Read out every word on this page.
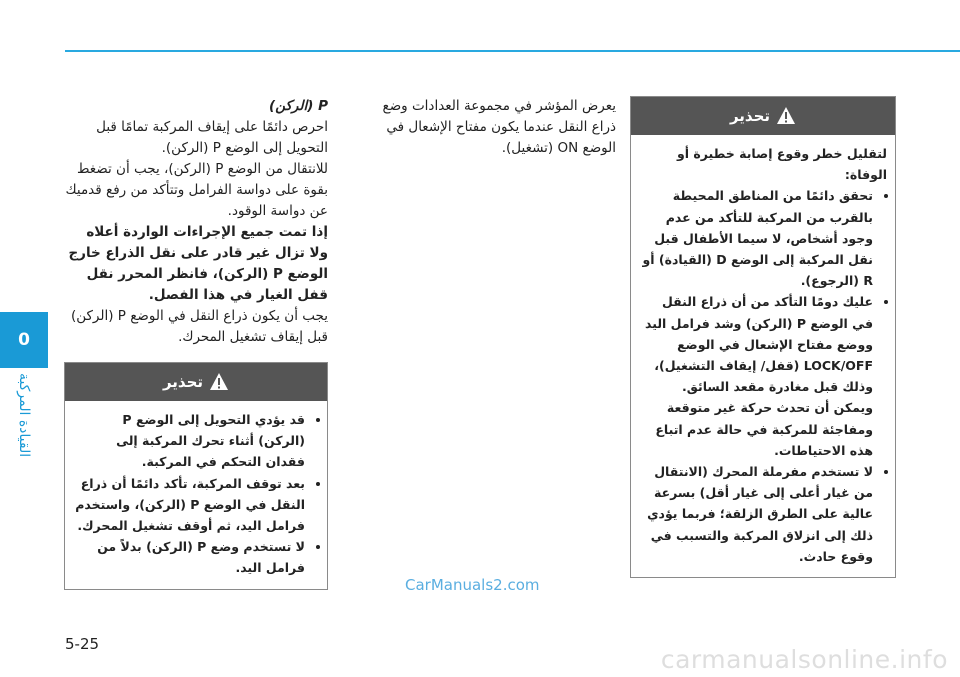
0
القيادة المركبة
تحذير

لتقليل خطر وقوع إصابة خطيرة أو الوفاة:

• تحقق دائمًا من المناطق المحيطة بالقرب من المركبة للتأكد من عدم وجود أشخاص، لا سيما الأطفال قبل نقل المركبة إلى الوضع D (القيادة) أو R (الرجوع).
• عليك دومًا التأكد من أن ذراع النقل في الوضع P (الركن) وشد فرامل اليد ووضع مفتاح الإشعال في الوضع LOCK/OFF (قفل/ إيقاف التشغيل)، وذلك قبل مغادرة مقعد السائق. ويمكن أن تحدث حركة غير متوقعة ومفاجئة للمركبة في حالة عدم اتباع هذه الاحتياطات.
• لا تستخدم مفرملة المحرك (الانتقال من غيار أعلى إلى غيار أقل) بسرعة عالية على الطرق الزلقة؛ فربما يؤدي ذلك إلى انزلاق المركبة والتسبب في وقوع حادث.

يعرض المؤشر في مجموعة العدادات وضع ذراع النقل عندما يكون مفتاح الإشعال في الوضع ON (تشغيل).

P (الركن)

احرص دائمًا على إيقاف المركبة تمامًا قبل التحويل إلى الوضع P (الركن).

للانتقال من الوضع P (الركن)، يجب أن تضغط بقوة على دواسة الفرامل وتتأكد من رفع قدميك عن دواسة الوقود.

إذا تمت جميع الإجراءات الواردة أعلاه ولا تزال غير قادر على نقل الذراع خارج الوضع P (الركن)، فانظر المحرر نقل قفل الغيار في هذا الفصل.

يجب أن يكون ذراع النقل في الوضع P (الركن) قبل إيقاف تشغيل المحرك.

تحذير
• قد يؤدي التحويل إلى الوضع P (الركن) أثناء تحرك المركبة إلى فقدان التحكم في المركبة.
• بعد توقف المركبة، تأكد دائمًا أن ذراع النقل في الوضع P (الركن)، واستخدم فرامل اليد، ثم أوقف تشغيل المحرك.
• لا تستخدم وضع P (الركن) بدلاً من فرامل اليد.
CarManuals2.com
5-25
carmanualsonline.info
